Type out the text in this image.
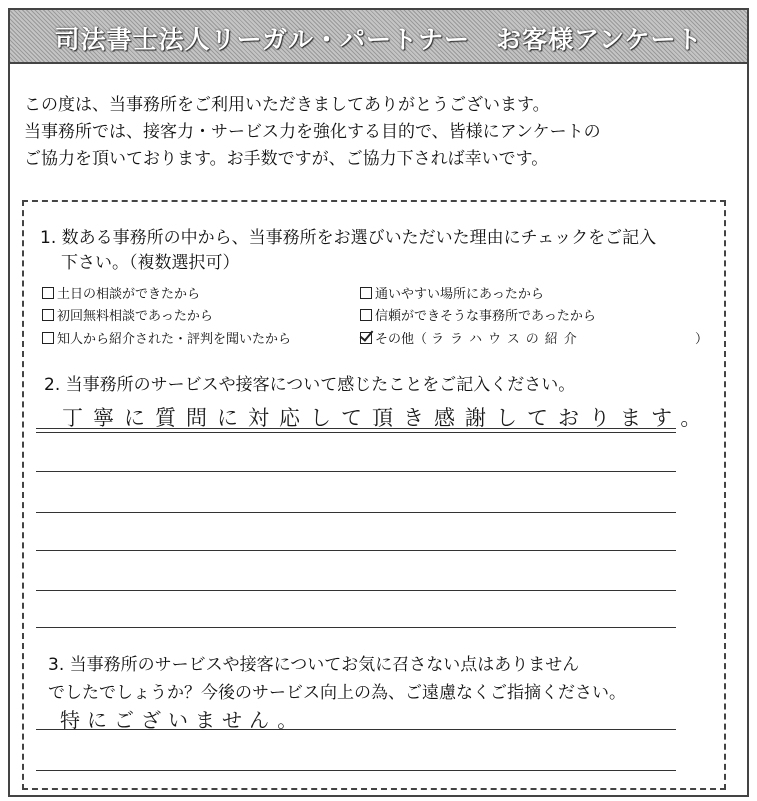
司法書士法人リーガル・パートナー　お客様アンケート

この度は、当事務所をご利用いただきましてありがとうございます。

当事務所では、接客力・サービス力を強化する目的で、皆様にアンケートの

ご協力を頂いております。お手数ですが、ご協力下されば幸いです。

1. 数ある事務所の中から、当事務所をお選びいただいた理由にチェックをご記入

下さい。（複数選択可）

土日の相談ができたから	通いやすい場所にあったから
初回無料相談であったから	信頼ができそうな事務所であったから
知人から紹介された・評判を聞いたから	その他（ ララハウスの紹介	）
2. 当事務所のサービスや接客について感じたことをご記入ください。
丁寧に質問に対応して頂き感謝しております。
3. 当事務所のサービスや接客についてお気に召さない点はありません
でしたでしょうか？今後のサービス向上の為、ご遠慮なくご指摘ください。
特にございません。
